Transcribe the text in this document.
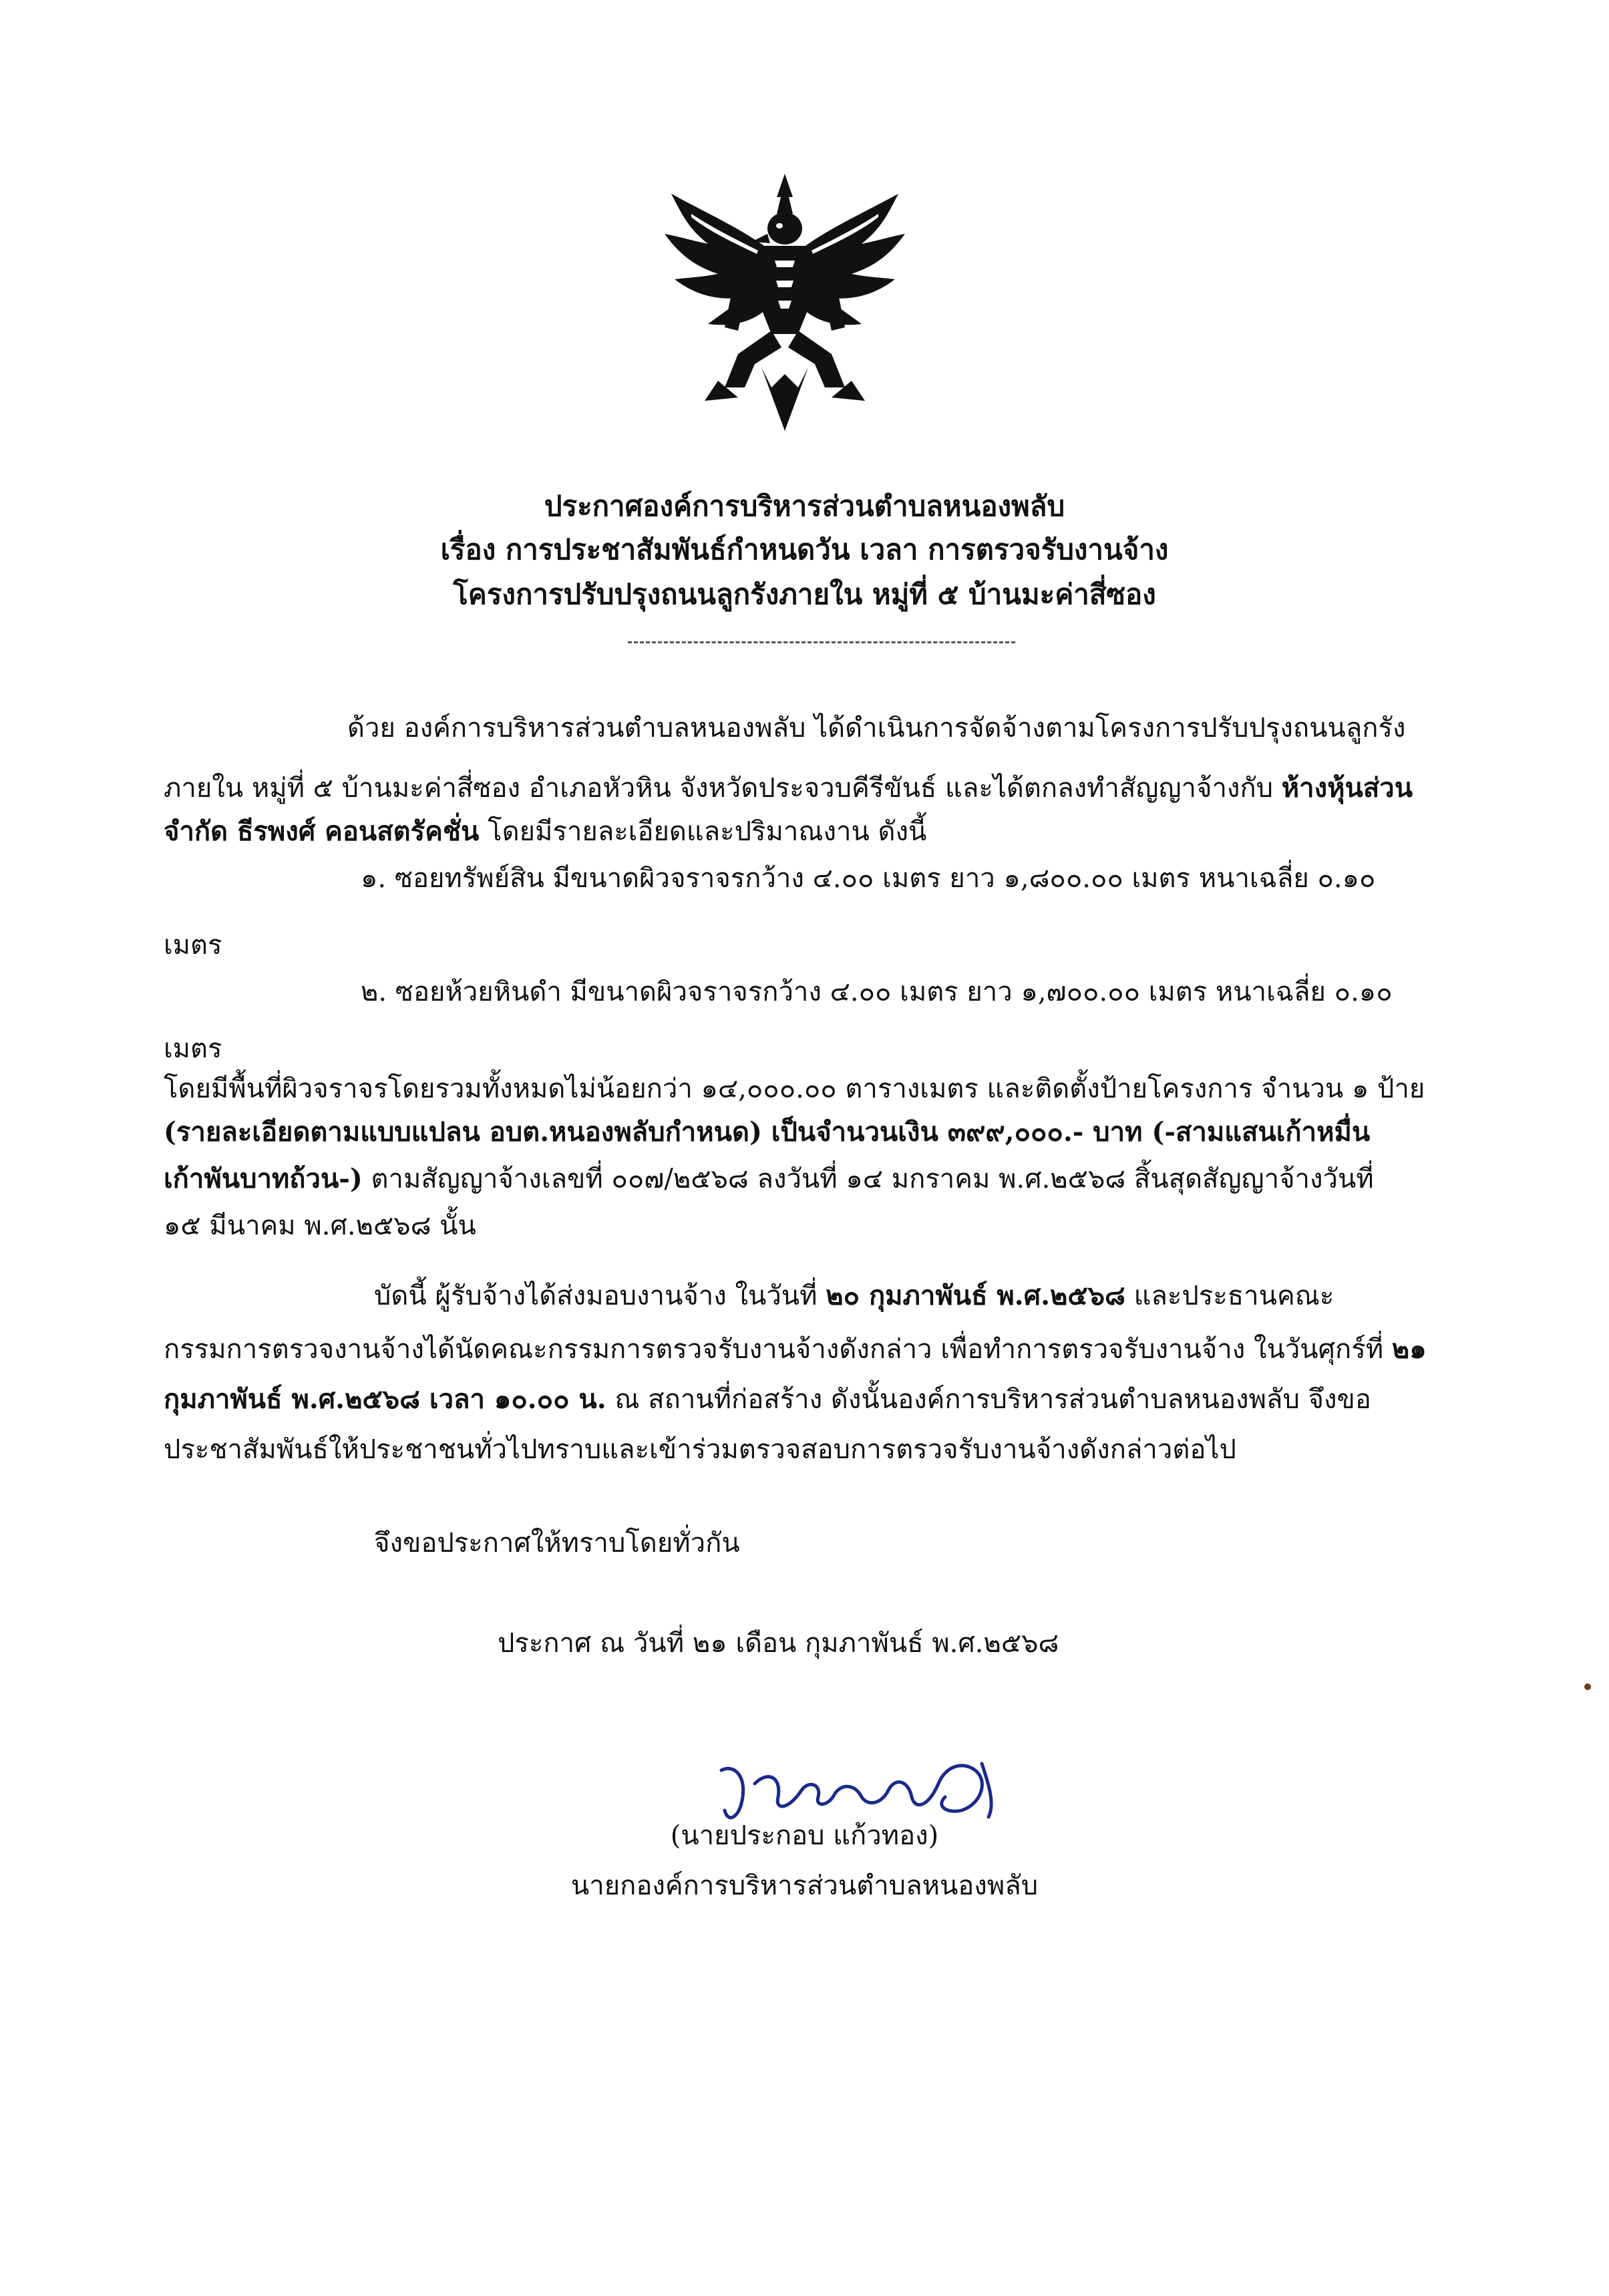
ประกาศองค์การบริหารส่วนตำบลหนองพลับ
เรื่อง การประชาสัมพันธ์กำหนดวัน เวลา การตรวจรับงานจ้าง
โครงการปรับปรุงถนนลูกรังภายใน หมู่ที่ ๕ บ้านมะค่าสี่ซอง
ด้วย องค์การบริหารส่วนตำบลหนองพลับ ได้ดำเนินการจัดจ้างตามโครงการปรับปรุงถนนลูกรัง
ภายใน หมู่ที่ ๕ บ้านมะค่าสี่ซอง อำเภอหัวหิน จังหวัดประจวบคีรีขันธ์ และได้ตกลงทำสัญญาจ้างกับ ห้างหุ้นส่วน
จำกัด ธีรพงศ์ คอนสตรัคชั่น โดยมีรายละเอียดและปริมาณงาน ดังนี้
๑. ซอยทรัพย์สิน มีขนาดผิวจราจรกว้าง ๔.๐๐ เมตร ยาว ๑,๘๐๐.๐๐ เมตร หนาเฉลี่ย ๐.๑๐
เมตร
๒. ซอยห้วยหินดำ มีขนาดผิวจราจรกว้าง ๔.๐๐ เมตร ยาว ๑,๗๐๐.๐๐ เมตร หนาเฉลี่ย ๐.๑๐
เมตร
โดยมีพื้นที่ผิวจราจรโดยรวมทั้งหมดไม่น้อยกว่า ๑๔,๐๐๐.๐๐ ตารางเมตร และติดตั้งป้ายโครงการ จำนวน ๑ ป้าย
(รายละเอียดตามแบบแปลน อบต.หนองพลับกำหนด) เป็นจำนวนเงิน ๓๙๙,๐๐๐.- บาท (-สามแสนเก้าหมื่น
เก้าพันบาทถ้วน-) ตามสัญญาจ้างเลขที่ ๐๐๗/๒๕๖๘ ลงวันที่ ๑๔ มกราคม พ.ศ.๒๕๖๘ สิ้นสุดสัญญาจ้างวันที่
๑๕ มีนาคม พ.ศ.๒๕๖๘ นั้น
บัดนี้ ผู้รับจ้างได้ส่งมอบงานจ้าง ในวันที่ ๒๐ กุมภาพันธ์ พ.ศ.๒๕๖๘ และประธานคณะ
กรรมการตรวจงานจ้างได้นัดคณะกรรมการตรวจรับงานจ้างดังกล่าว เพื่อทำการตรวจรับงานจ้าง ในวันศุกร์ที่ ๒๑
กุมภาพันธ์ พ.ศ.๒๕๖๘ เวลา ๑๐.๐๐ น. ณ สถานที่ก่อสร้าง ดังนั้นองค์การบริหารส่วนตำบลหนองพลับ จึงขอ
ประชาสัมพันธ์ให้ประชาชนทั่วไปทราบและเข้าร่วมตรวจสอบการตรวจรับงานจ้างดังกล่าวต่อไป
จึงขอประกาศให้ทราบโดยทั่วกัน
ประกาศ ณ วันที่ ๒๑ เดือน กุมภาพันธ์ พ.ศ.๒๕๖๘
(นายประกอบ แก้วทอง)
นายกองค์การบริหารส่วนตำบลหนองพลับ
